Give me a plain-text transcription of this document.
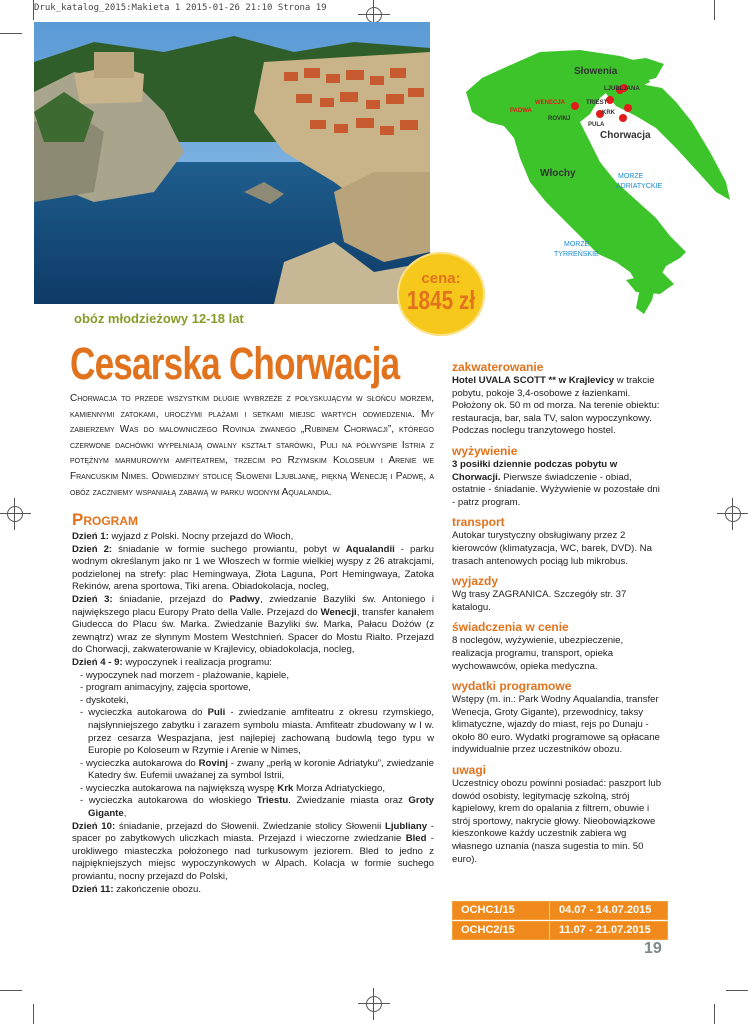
Druk_katalog_2015:Makieta 1 2015-01-26 21:10 Strona 19
Słowenia
Chorwacja
Włochy	MORZE
ADRIATYCKIE
MORZE
TYRREŃSKIE
LJUBLJANA
TRIEST
WENECJA
PADWA
ROVINJ
KRK
PULA
cena:
1845 zł
obóz młodzieżowy 12-18 lat
Cesarska Chorwacja
Chorwacja to przede wszystkim długie wybrzeże z połyskującym w słońcu morzem, kamiennymi zatokami, uroczymi plażami i setkami miejsc wartych odwiedzenia. My zabierzemy Was do malowniczego Rovinja zwanego „Rubinem Chorwacji”, którego czerwone dachówki wypełniają owalny kształt starówki, Puli na półwyspie Istria z potężnym marmurowym amfiteatrem, trzecim po Rzymskim Koloseum i Arenie we Francuskim Nimes. Odwiedzimy stolicę Słowenii Ljubljanę, piękną Wenecję i Padwę, a obóz zaczniemy wspaniałą zabawą w parku wodnym Aqualandia.
Program

Dzień 1: wyjazd z Polski. Nocny przejazd do Włoch,

Dzień 2: śniadanie w formie suchego prowiantu, pobyt w Aqualandii - parku wodnym określanym jako nr 1 we Włoszech w formie wielkiej wyspy z 26 atrakcjami, podzielonej na strefy: plac Hemingwaya, Złota Laguna, Port Hemingwaya, Zatoka Rekinów, arena sportowa, Tiki arena. Obiadokolacja, nocleg,

Dzień 3: śniadanie, przejazd do Padwy, zwiedzanie Bazyliki św. Antoniego i największego placu Europy Prato della Valle. Przejazd do Wenecji, transfer kanałem Giudecca do Placu św. Marka. Zwiedzanie Bazyliki św. Marka, Pałacu Dożów (z zewnątrz) wraz ze słynnym Mostem Westchnień. Spacer do Mostu Rialto. Przejazd do Chorwacji, zakwaterowanie w Krajlevicy, obiadokolacja, nocleg,

Dzień 4 - 9: wypoczynek i realizacja programu:

- wypoczynek nad morzem - plażowanie, kąpiele,

- program animacyjny, zajęcia sportowe,

- dyskoteki,

- wycieczka autokarowa do Puli - zwiedzanie amfiteatru z okresu rzymskiego, najsłynniejszego zabytku i zarazem symbolu miasta. Amfiteatr zbudowany w I w. przez cesarza Wespazjana, jest najlepiej zachowaną budowlą tego typu w Europie po Koloseum w Rzymie i Arenie w Nimes,

- wycieczka autokarowa do Rovinj - zwany „perłą w koronie Adriatyku”, zwiedzanie Katedry św. Eufemii uważanej za symbol Istrii,

- wycieczka autokarowa na największą wyspę Krk Morza Adriatyckiego,

- wycieczka autokarowa do włoskiego Triestu. Zwiedzanie miasta oraz Groty Gigante,

Dzień 10: śniadanie, przejazd do Słowenii. Zwiedzanie stolicy Słowenii Ljubliany - spacer po zabytkowych uliczkach miasta. Przejazd i wieczorne zwiedzanie Bled - urokliwego miasteczka położonego nad turkusowym jeziorem. Bled to jedno z najpiękniejszych miejsc wypoczynkowych w Alpach. Kolacja w formie suchego prowiantu, nocny przejazd do Polski,

Dzień 11: zakończenie obozu.

zakwaterowanie

Hotel UVALA SCOTT ** w Krajlevicy w trakcie pobytu, pokoje 3,4-osobowe z łazienkami. Położony ok. 50 m od morza. Na terenie obiektu: restauracja, bar, sala TV, salon wypoczynkowy. Podczas noclegu tranzytowego hostel.

wyżywienie

3 posiłki dziennie podczas pobytu w Chorwacji. Pierwsze świadczenie - obiad, ostatnie - śniadanie. Wyżywienie w pozostałe dni - patrz program.

transport

Autokar turystyczny obsługiwany przez 2 kierowców (klimatyzacja, WC, barek, DVD). Na trasach antenowych pociąg lub mikrobus.

wyjazdy

Wg trasy ZAGRANICA. Szczegóły str. 37 katalogu.

świadczenia w cenie

8 noclegów, wyżywienie, ubezpieczenie, realizacja programu, transport, opieka wychowawców, opieka medyczna.

wydatki programowe

Wstępy (m. in.: Park Wodny Aqualandia, transfer Wenecja, Groty Gigante), przewodnicy, taksy klimatyczne, wjazdy do miast, rejs po Dunaju - około 80 euro. Wydatki programowe są opłacane indywidualnie przez uczestników obozu.

uwagi

Uczestnicy obozu powinni posiadać: paszport lub dowód osobisty, legitymację szkolną, strój kąpielowy, krem do opalania z filtrem, obuwie i strój sportowy, nakrycie głowy. Nieobowiązkowe kieszonkowe każdy uczestnik zabiera wg własnego uznania (nasza sugestia to min. 50 euro).

OCHC1/15	04.07 - 14.07.2015
OCHC2/15	11.07 - 21.07.2015
19
